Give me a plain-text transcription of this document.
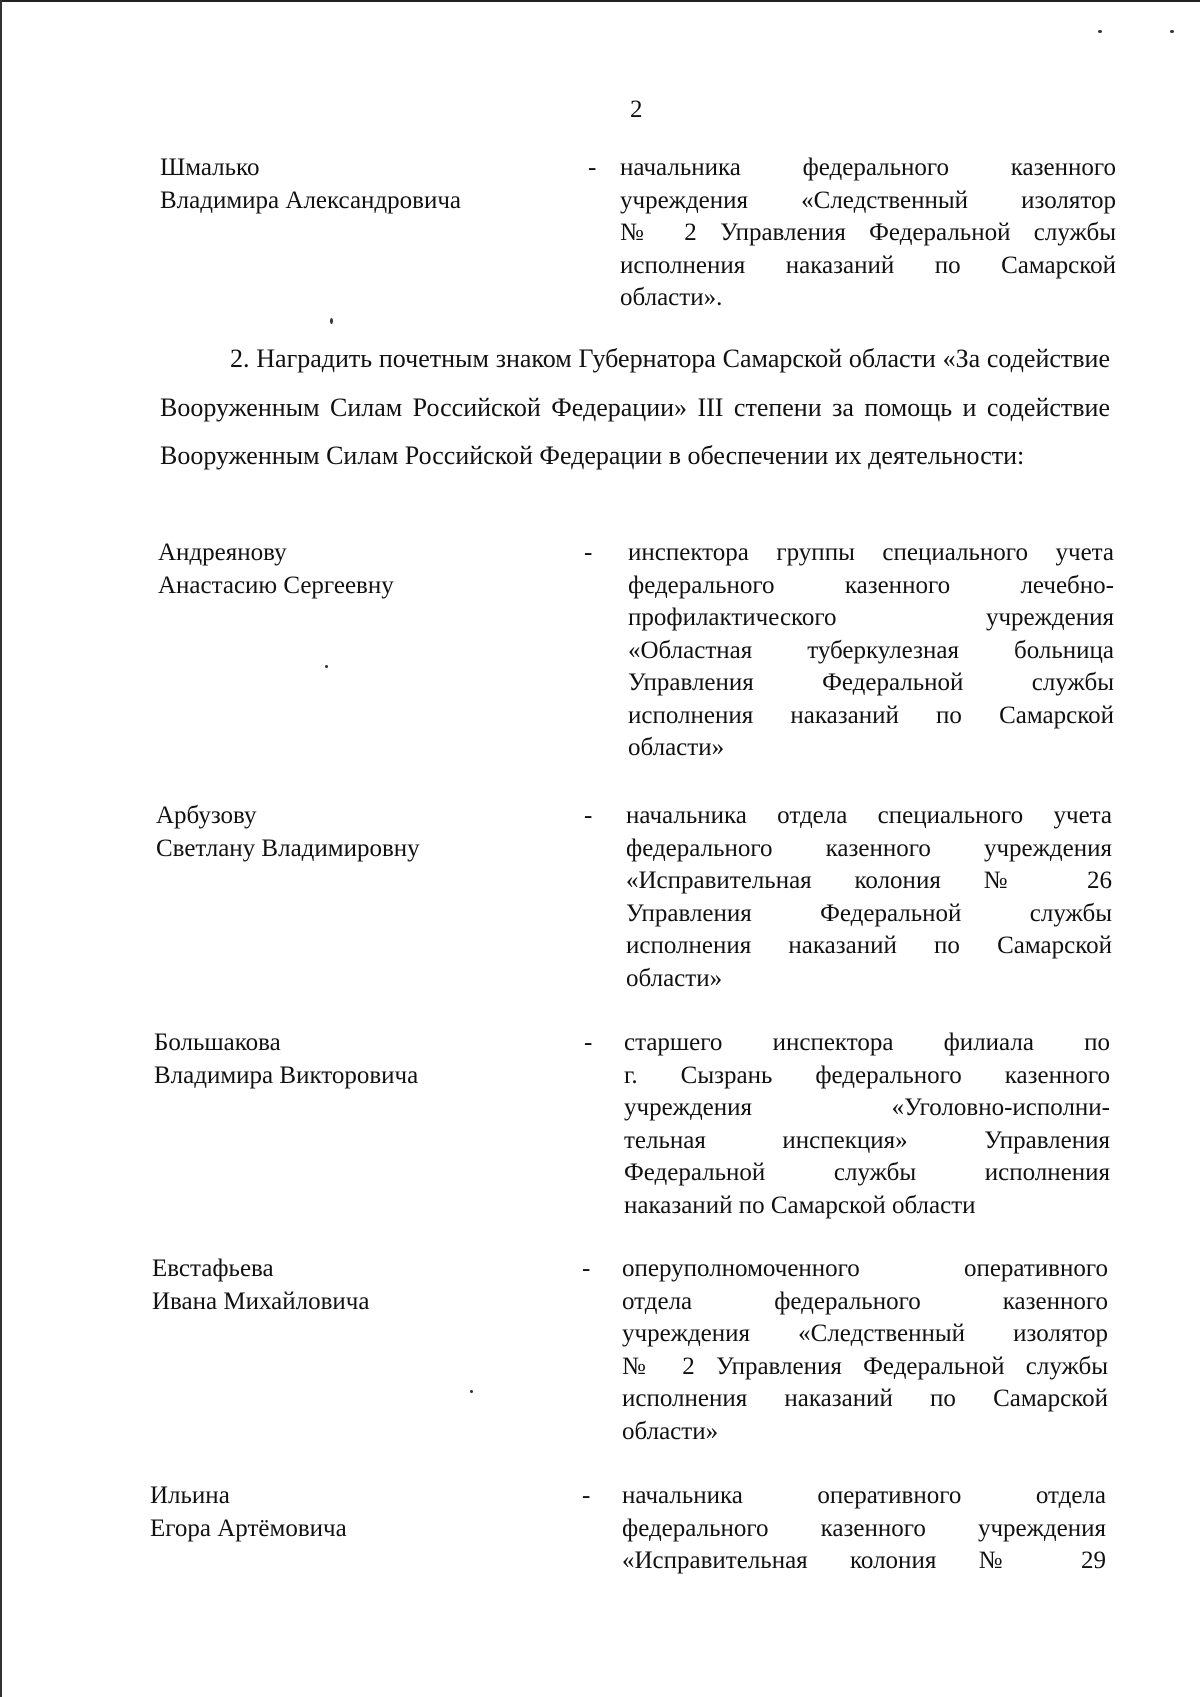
2
Шмалько
Владимира Александровича
- начальника федерального казенного
учреждения «Следственный изолятор
№ 2 Управления Федеральной службы
исполнения наказаний по Самарской
области».

2. Наградить почетным знаком Губернатора Самарской области «За содействие Вооруженным Силам Российской Федерации» III степени за помощь и содействие Вооруженным Силам Российской Федерации в обеспечении их деятельности:

Андреянову
Анастасию Сергеевну
- инспектора группы специального учета
федерального казенного лечебно-
профилактического учреждения
«Областная туберкулезная больница
Управления Федеральной службы
исполнения наказаний по Самарской
области»
Арбузову
Светлану Владимировну
- начальника отдела специального учета
федерального казенного учреждения
«Исправительная колония № 26
Управления Федеральной службы
исполнения наказаний по Самарской
области»
Большакова
Владимира Викторовича
- старшего инспектора филиала по
г. Сызрань федерального казенного
учреждения «Уголовно-исполни-
тельная инспекция» Управления
Федеральной службы исполнения
наказаний по Самарской области
Евстафьева
Ивана Михайловича
- оперуполномоченного оперативного
отдела федерального казенного
учреждения «Следственный изолятор
№ 2 Управления Федеральной службы
исполнения наказаний по Самарской
области»
Ильина
Егора Артёмовича
- начальника оперативного отдела
федерального казенного учреждения
«Исправительная колония № 29
